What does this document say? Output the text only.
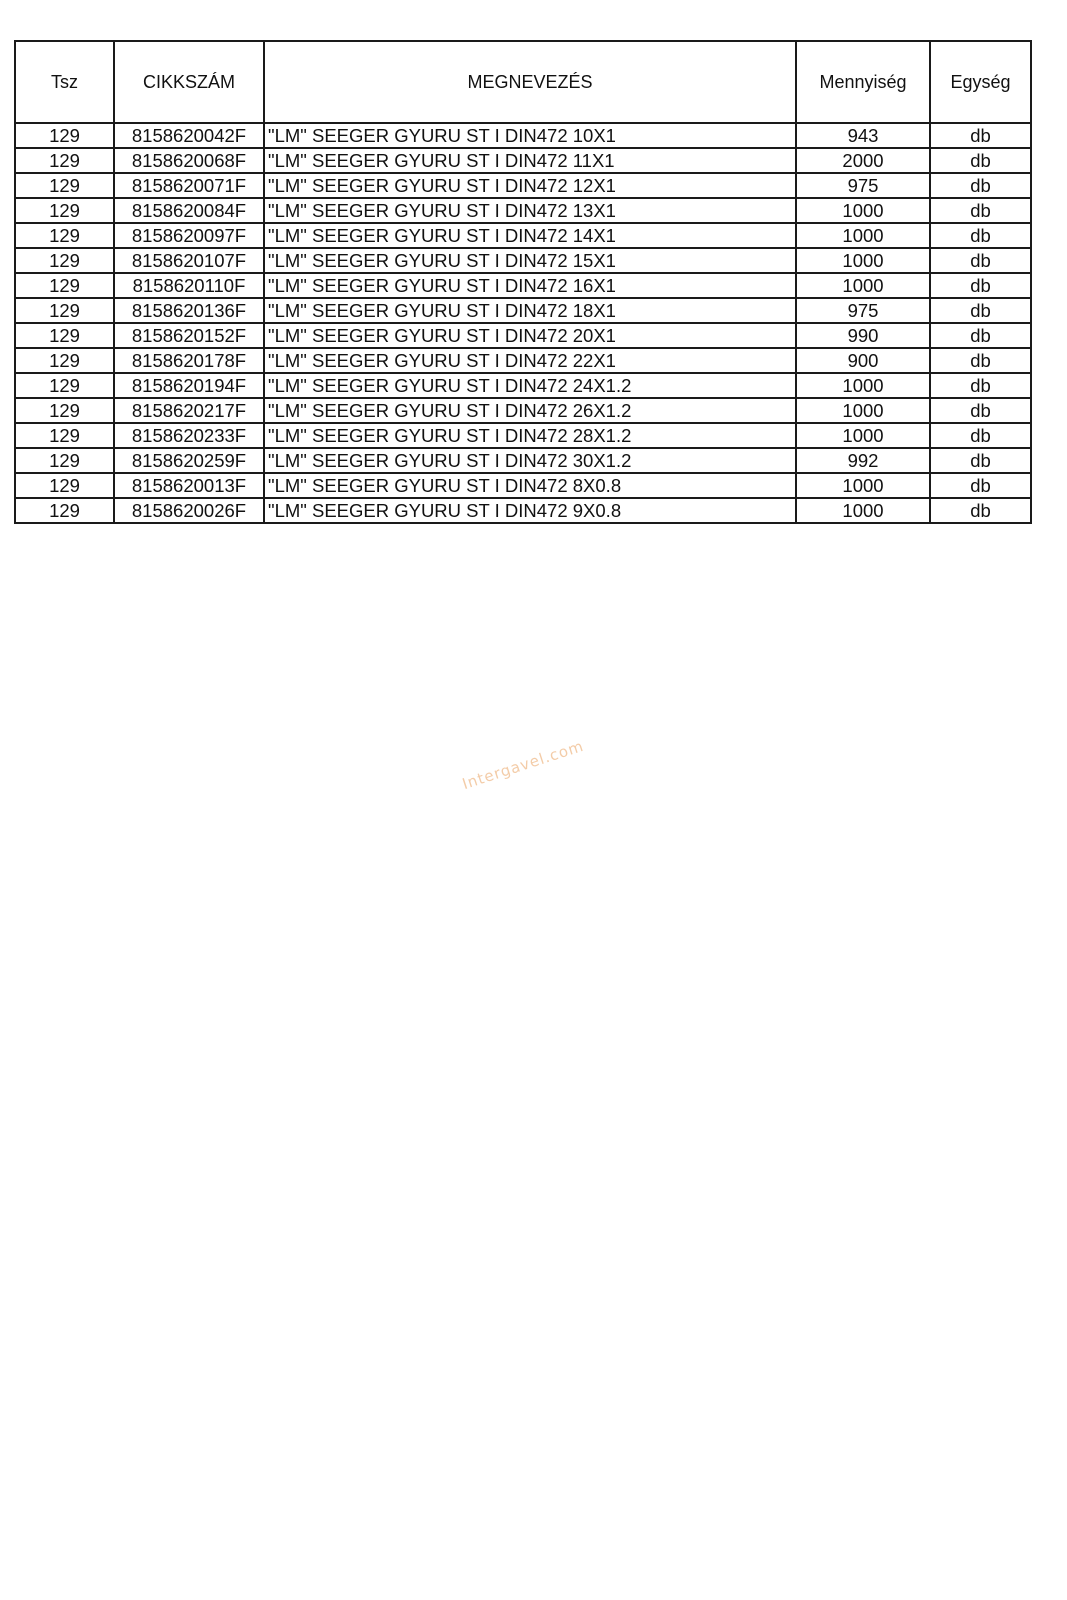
Tsz	CIKKSZÁM	MEGNEVEZÉS	Mennyiség	Egység
129	8158620042F	"LM" SEEGER GYURU ST I DIN472 10X1	943	db
129	8158620068F	"LM" SEEGER GYURU ST I DIN472 11X1	2000	db
129	8158620071F	"LM" SEEGER GYURU ST I DIN472 12X1	975	db
129	8158620084F	"LM" SEEGER GYURU ST I DIN472 13X1	1000	db
129	8158620097F	"LM" SEEGER GYURU ST I DIN472 14X1	1000	db
129	8158620107F	"LM" SEEGER GYURU ST I DIN472 15X1	1000	db
129	8158620110F	"LM" SEEGER GYURU ST I DIN472 16X1	1000	db
129	8158620136F	"LM" SEEGER GYURU ST I DIN472 18X1	975	db
129	8158620152F	"LM" SEEGER GYURU ST I DIN472 20X1	990	db
129	8158620178F	"LM" SEEGER GYURU ST I DIN472 22X1	900	db
129	8158620194F	"LM" SEEGER GYURU ST I DIN472 24X1.2	1000	db
129	8158620217F	"LM" SEEGER GYURU ST I DIN472 26X1.2	1000	db
129	8158620233F	"LM" SEEGER GYURU ST I DIN472 28X1.2	1000	db
129	8158620259F	"LM" SEEGER GYURU ST I DIN472 30X1.2	992	db
129	8158620013F	"LM" SEEGER GYURU ST I DIN472 8X0.8	1000	db
129	8158620026F	"LM" SEEGER GYURU ST I DIN472 9X0.8	1000	db
Intergavel.com
